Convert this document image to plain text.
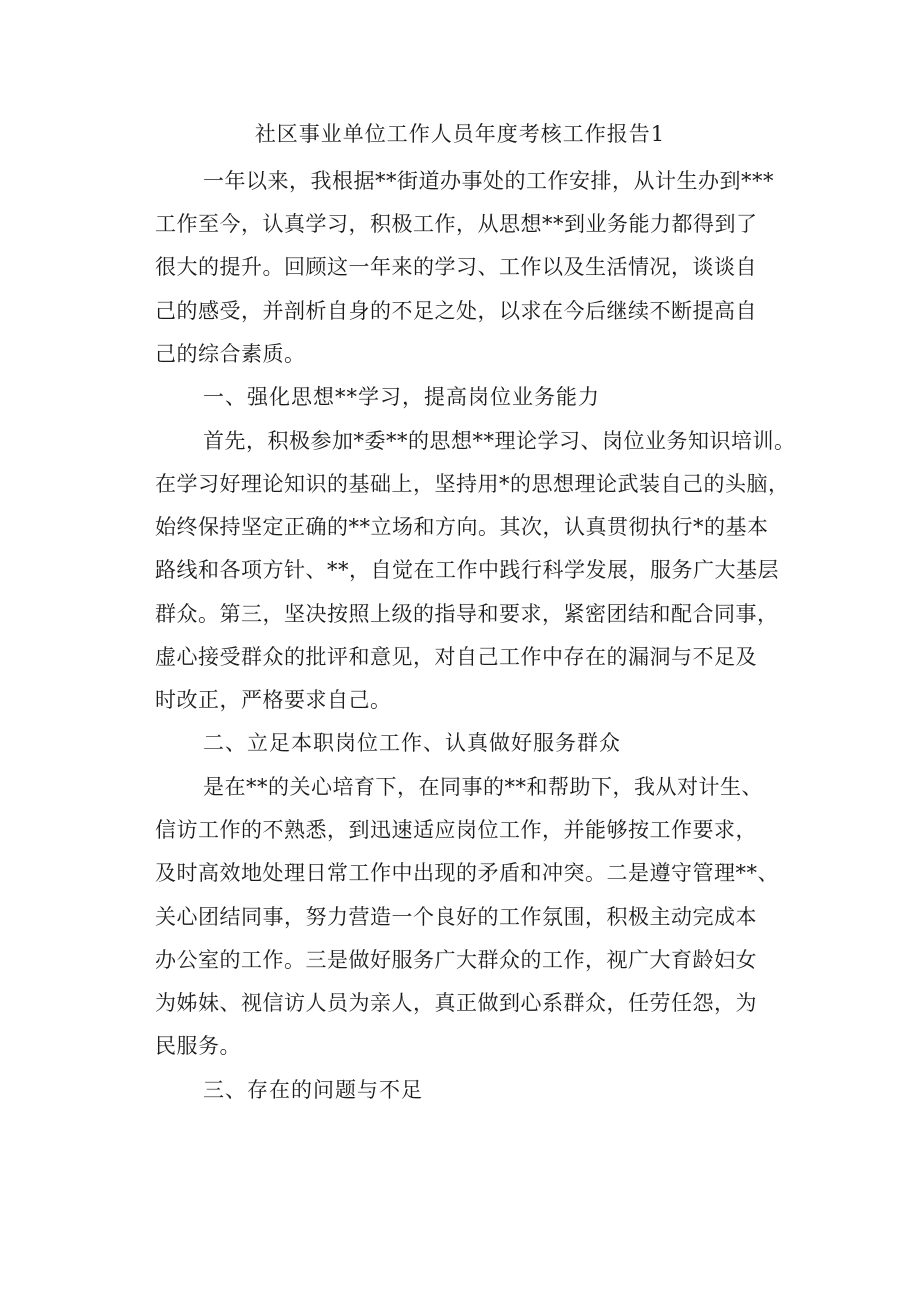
社区事业单位工作人员年度考核工作报告1
一年以来，我根据**街道办事处的工作安排，从计生办到***
工作至今，认真学习，积极工作，从思想**到业务能力都得到了
很大的提升。回顾这一年来的学习、工作以及生活情况，谈谈自
己的感受，并剖析自身的不足之处，以求在今后继续不断提高自
己的综合素质。
一、强化思想**学习，提高岗位业务能力
首先，积极参加*委**的思想**理论学习、岗位业务知识培训。
在学习好理论知识的基础上，坚持用*的思想理论武装自己的头脑，
始终保持坚定正确的**立场和方向。其次，认真贯彻执行*的基本
路线和各项方针、**，自觉在工作中践行科学发展，服务广大基层
群众。第三，坚决按照上级的指导和要求，紧密团结和配合同事，
虚心接受群众的批评和意见，对自己工作中存在的漏洞与不足及
时改正，严格要求自己。
二、立足本职岗位工作、认真做好服务群众
是在**的关心培育下，在同事的**和帮助下，我从对计生、
信访工作的不熟悉，到迅速适应岗位工作，并能够按工作要求，
及时高效地处理日常工作中出现的矛盾和冲突。二是遵守管理**、
关心团结同事，努力营造一个良好的工作氛围，积极主动完成本
办公室的工作。三是做好服务广大群众的工作，视广大育龄妇女
为姊妹、视信访人员为亲人，真正做到心系群众，任劳任怨，为
民服务。
三、存在的问题与不足
